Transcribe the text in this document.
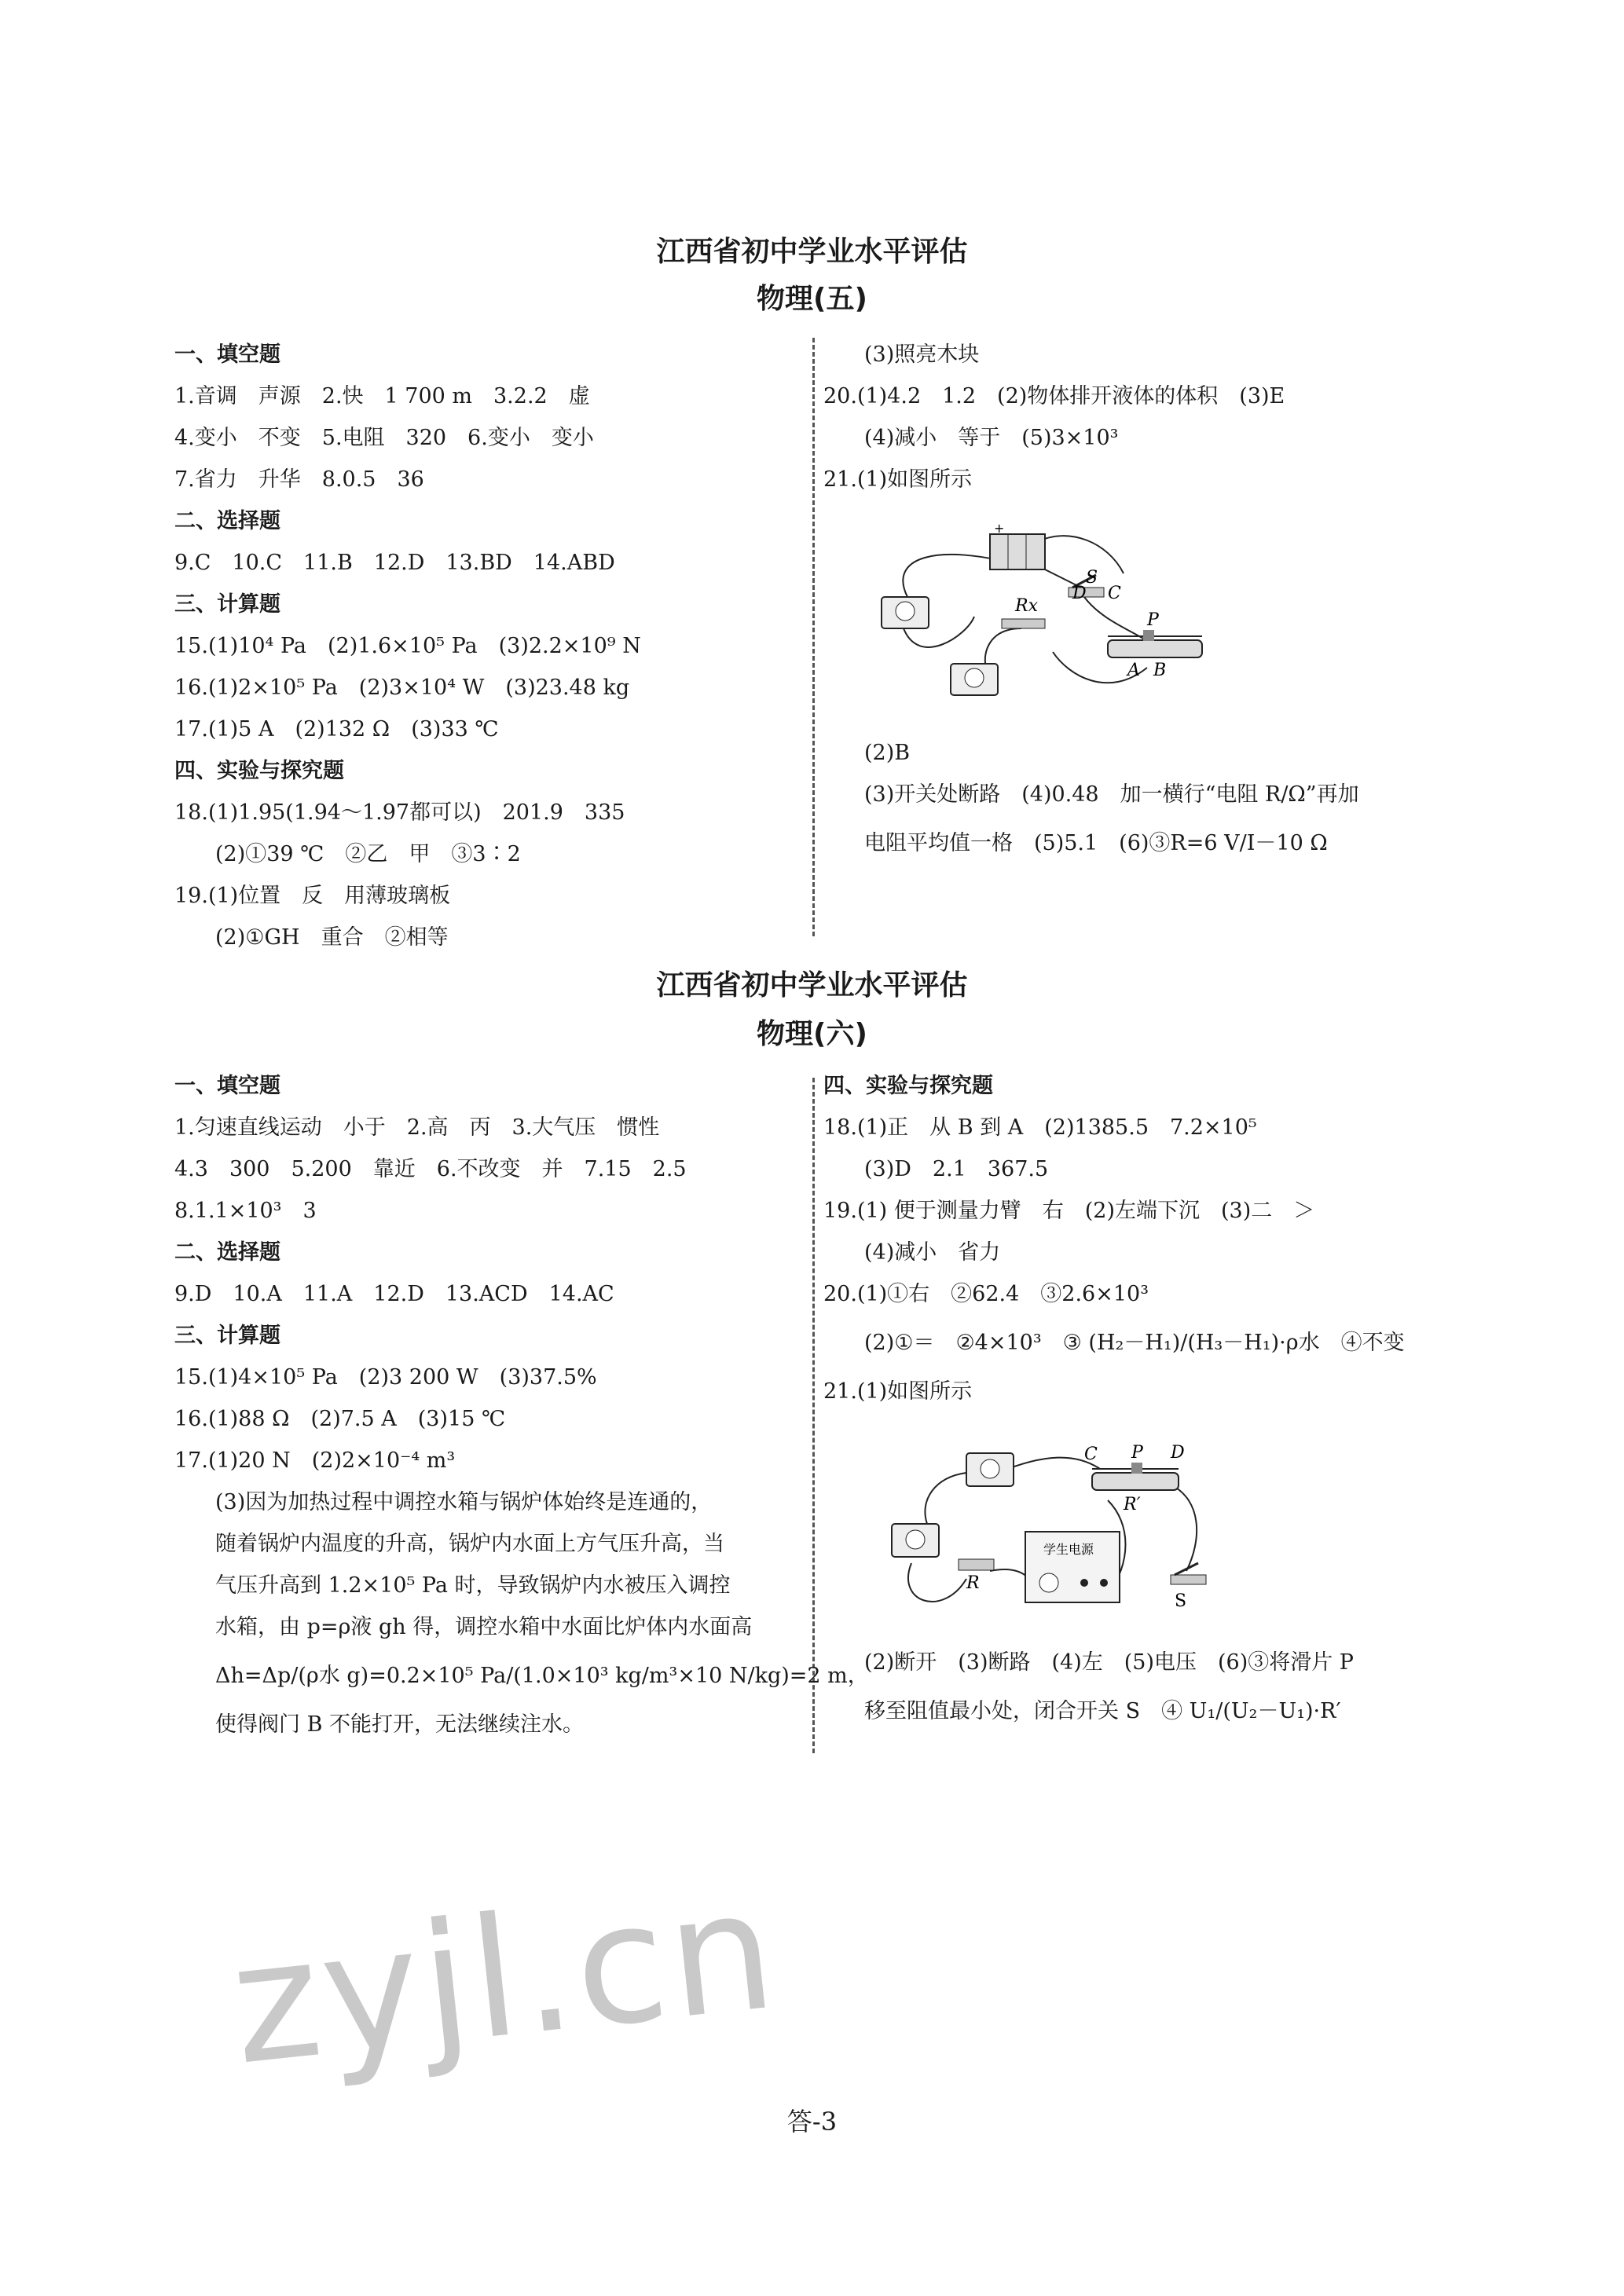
江西省初中学业水平评估
物理(五)
一、填空题
1.音调　声源　2.快　1 700 m　3.2.2　虚
4.变小　不变　5.电阻　320　6.变小　变小
7.省力　升华　8.0.5　36
二、选择题
9.C　10.C　11.B　12.D　13.BD　14.ABD
三、计算题
15.(1)10⁴ Pa　(2)1.6×10⁵ Pa　(3)2.2×10⁹ N
16.(1)2×10⁵ Pa　(2)3×10⁴ W　(3)23.48 kg
17.(1)5 A　(2)132 Ω　(3)33 ℃
四、实验与探究题
18.(1)1.95(1.94～1.97都可以)　201.9　335
(2)①39 ℃　②乙　甲　③3∶2
19.(1)位置　反　用薄玻璃板
(2)①GH　重合　②相等
(3)照亮木块
20.(1)4.2　1.2　(2)物体排开液体的体积　(3)E
(4)减小　等于　(5)3×10³
21.(1)如图所示
+
S
D C
Rx
P
A B
(2)B
(3)开关处断路　(4)0.48　加一横行“电阻 R/Ω”再加
电阻平均值一格　(5)5.1　(6)③R=6 V/I－10 Ω
江西省初中学业水平评估
物理(六)
一、填空题
1.匀速直线运动　小于　2.高　丙　3.大气压　惯性
4.3　300　5.200　靠近　6.不改变　并　7.15　2.5
8.1.1×10³　3
二、选择题
9.D　10.A　11.A　12.D　13.ACD　14.AC
三、计算题
15.(1)4×10⁵ Pa　(2)3 200 W　(3)37.5%
16.(1)88 Ω　(2)7.5 A　(3)15 ℃
17.(1)20 N　(2)2×10⁻⁴ m³
(3)因为加热过程中调控水箱与锅炉体始终是连通的，
随着锅炉内温度的升高，锅炉内水面上方气压升高，当
气压升高到 1.2×10⁵ Pa 时，导致锅炉内水被压入调控
水箱，由 p=ρ液 gh 得，调控水箱中水面比炉体内水面高
Δh=Δp/(ρ水 g)=0.2×10⁵ Pa/(1.0×10³ kg/m³×10 N/kg)=2 m，
使得阀门 B 不能打开，无法继续注水。
四、实验与探究题
18.(1)正　从 B 到 A　(2)1385.5　7.2×10⁵
(3)D　2.1　367.5
19.(1) 便于测量力臂　右　(2)左端下沉　(3)二　＞
(4)减小　省力
20.(1)①右　②62.4　③2.6×10³
(2)①＝　②4×10³　③ (H₂－H₁)/(H₃－H₁)·ρ水　④不变
21.(1)如图所示
C P D
R′
R
学生电源
S
(2)断开　(3)断路　(4)左　(5)电压　(6)③将滑片 P
移至阻值最小处，闭合开关 S　④ U₁/(U₂－U₁)·R′
答-3
zyjl.cn
